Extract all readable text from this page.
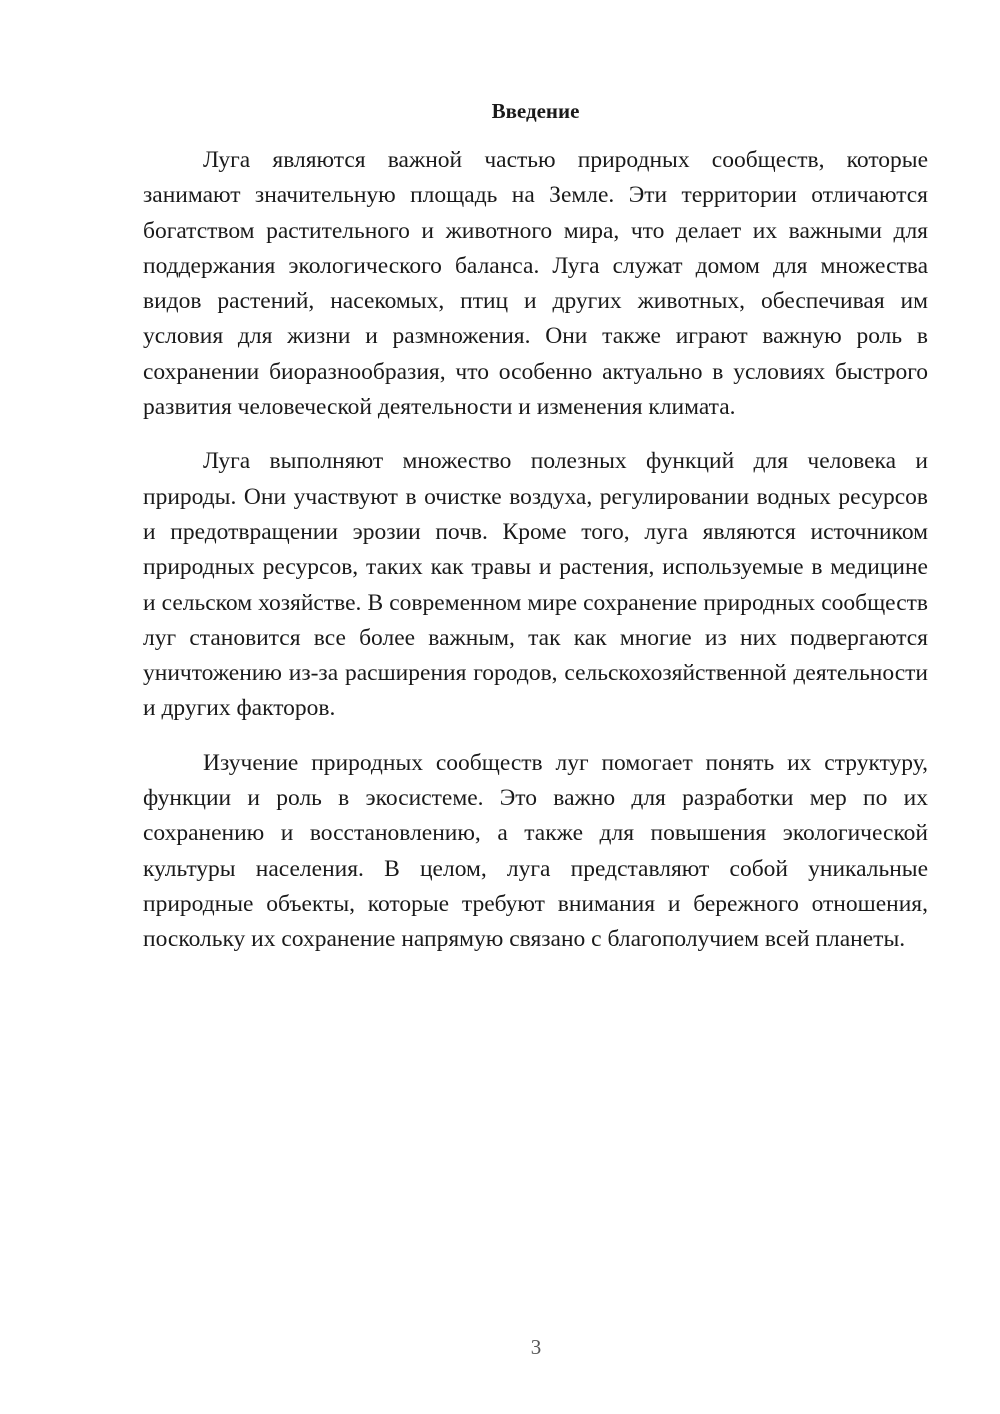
Введение

Луга являются важной частью природных сообществ, которые занимают значительную площадь на Земле. Эти территории отличаются богатством растительного и животного мира, что делает их важными для поддержания экологического баланса. Луга служат домом для множества видов растений, насекомых, птиц и других животных, обеспечивая им условия для жизни и размножения. Они также играют важную роль в сохранении биоразнообразия, что особенно актуально в условиях быстрого развития человеческой деятельности и изменения климата.

Луга выполняют множество полезных функций для человека и природы. Они участвуют в очистке воздуха, регулировании водных ресурсов и предотвращении эрозии почв. Кроме того, луга являются источником природных ресурсов, таких как травы и растения, используемые в медицине и сельском хозяйстве. В современном мире сохранение природных сообществ луг становится все более важным, так как многие из них подвергаются уничтожению из-за расширения городов, сельскохозяйственной деятельности и других факторов.

Изучение природных сообществ луг помогает понять их структуру, функции и роль в экосистеме. Это важно для разработки мер по их сохранению и восстановлению, а также для повышения экологической культуры населения. В целом, луга представляют собой уникальные природные объекты, которые требуют внимания и бережного отношения, поскольку их сохранение напрямую связано с благополучием всей планеты.

3
